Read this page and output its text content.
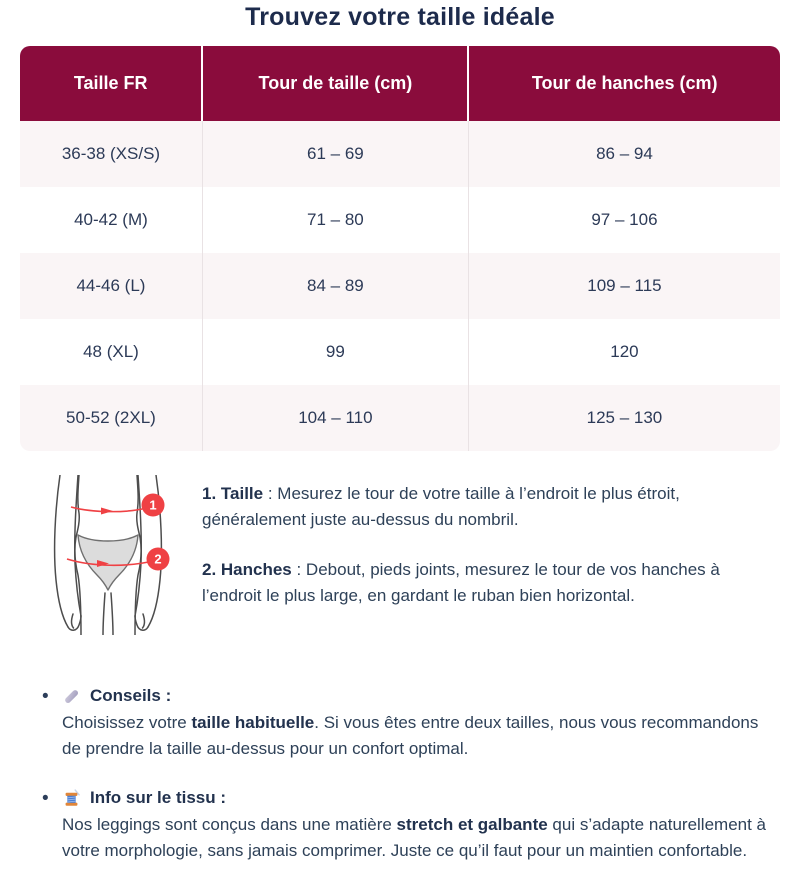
Trouvez votre taille idéale
Taille FR	Tour de taille (cm)	Tour de hanches (cm)
36-38 (XS/S)	61 – 69	86 – 94
40-42 (M)	71 – 80	97 – 106
44-46 (L)	84 – 89	109 – 115
48 (XL)	99	120
50-52 (2XL)	104 – 110	125 – 130
1
2

1. Taille : Mesurez le tour de votre taille à l’endroit le plus étroit, généralement juste au-dessus du nombril.

2. Hanches : Debout, pieds joints, mesurez le tour de vos hanches à l’endroit le plus large, en gardant le ruban bien horizontal.

• Conseils :
Choisissez votre taille habituelle. Si vous êtes entre deux tailles, nous vous recommandons de prendre la taille au-dessus pour un confort optimal.
• Info sur le tissu :
Nos leggings sont conçus dans une matière stretch et galbante qui s’adapte naturellement à votre morphologie, sans jamais comprimer. Juste ce qu’il faut pour un maintien confortable.
